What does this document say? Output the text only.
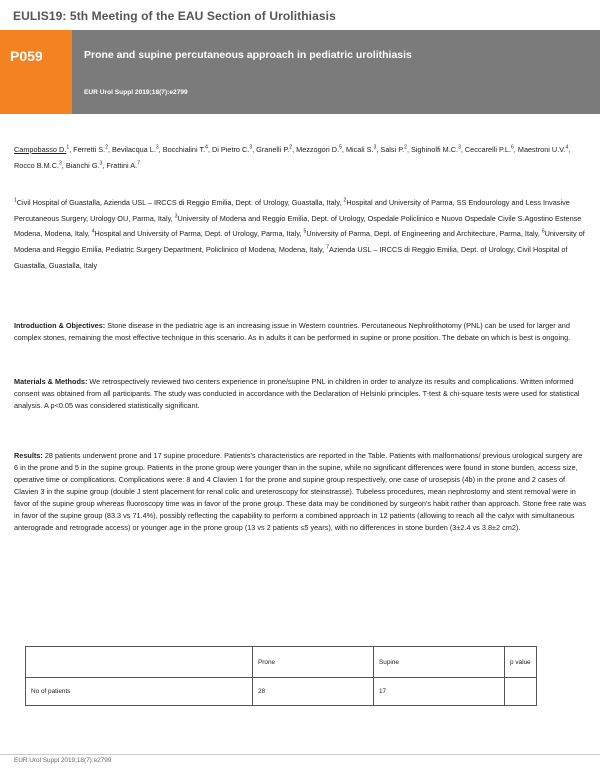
EULIS19: 5th Meeting of the EAU Section of Urolithiasis
P059	Prone and supine percutaneous approach in pediatric urolithiasis
EUR Urol Suppl 2019;18(7):e2799
Campobasso D.$^1$, Ferretti S.$^2$, Bevilacqua L.$^3$, Bocchialini T.$^4$, Di Pietro C.$^3$, Granelli P.$^2$, Mezzogori D.$^5$, Micali S.$^3$, Salsi P.$^2$, Sighinolfi M.C.$^3$, Ceccarelli P.L.$^6$, Maestroni U.V.$^4$, Rocco B.M.C.$^3$, Bianchi G.$^3$, Frattini A.$^7$
$^1$Civil Hospital of Guastalla, Azienda USL – IRCCS di Reggio Emilia, Dept. of Urology, Guastalla, Italy, $^2$Hospital and University of Parma, SS Endourology and Less Invasive Percutaneous Surgery, Urology OU, Parma, Italy, $^3$University of Modena and Reggio Emilia, Dept. of Urology, Ospedale Policlinico e Nuovo Ospedale Civile S.Agostino Estense Modena, Modena, Italy, $^4$Hospital and University of Parma, Dept. of Urology, Parma, Italy, $^5$University of Parma, Dept. of Engineering and Architecture, Parma, Italy, $^6$University of Modena and Reggio Emilia, Pediatric Surgery Department, Policlinico of Modena, Modena, Italy, $^7$Azienda USL – IRCCS di Reggio Emilia, Dept. of Urology, Civil Hospital of Guastalla, Guastalla, Italy

Introduction & Objectives: Stone disease in the pediatric age is an increasing issue in Western countries. Percutaneous Nephrolithotomy (PNL) can be used for larger and complex stones, remaining the most effective technique in this scenario. As in adults it can be performed in supine or prone position. The debate on which is best is ongoing.

Materials & Methods: We retrospectively reviewed two centers experience in prone/supine PNL in children in order to analyze its results and complications. Written informed consent was obtained from all participants. The study was conducted in accordance with the Declaration of Helsinki principles. T-test & chi-square tests were used for statistical analysis. A p<0.05 was considered statistically significant.

Results: 28 patients underwent prone and 17 supine procedure. Patients's characteristics are reported in the Table. Patients with malformations/ previous urological surgery are 6 in the prone and 5 in the supine group. Patients in the prone group were younger than in the supine, while no significant differences were found in stone burden, access size, operative time or complications. Complications were: 8 and 4 Clavien 1 for the prone and supine group respectively, one case of urosepsis (4b) in the prone and 2 cases of Clavien 3 in the supine group (double J stent placement for renal colic and ureteroscopy for steinstrasse). Tubeless procedures, mean nephrostomy and stent removal were in favor of the supine group whereas fluoroscopy time was in favor of the prone group. These data may be conditioned by surgeon's habit rather than approach. Stone free rate was in favor of the supine group (83.3 vs 71.4%), possibly reflecting the capability to perform a combined approach in 12 patients (allowing to reach all the calyx with simultaneous anterograde and retrograde access) or younger age in the prone group (13 vs 2 patients ≤5 years), with no differences in stone burden (3±2.4 vs 3.8±2 cm2).

	Prone	Supine	p value
No of patients	28	17	
EUR Urol Suppl 2019;18(7):e2799
